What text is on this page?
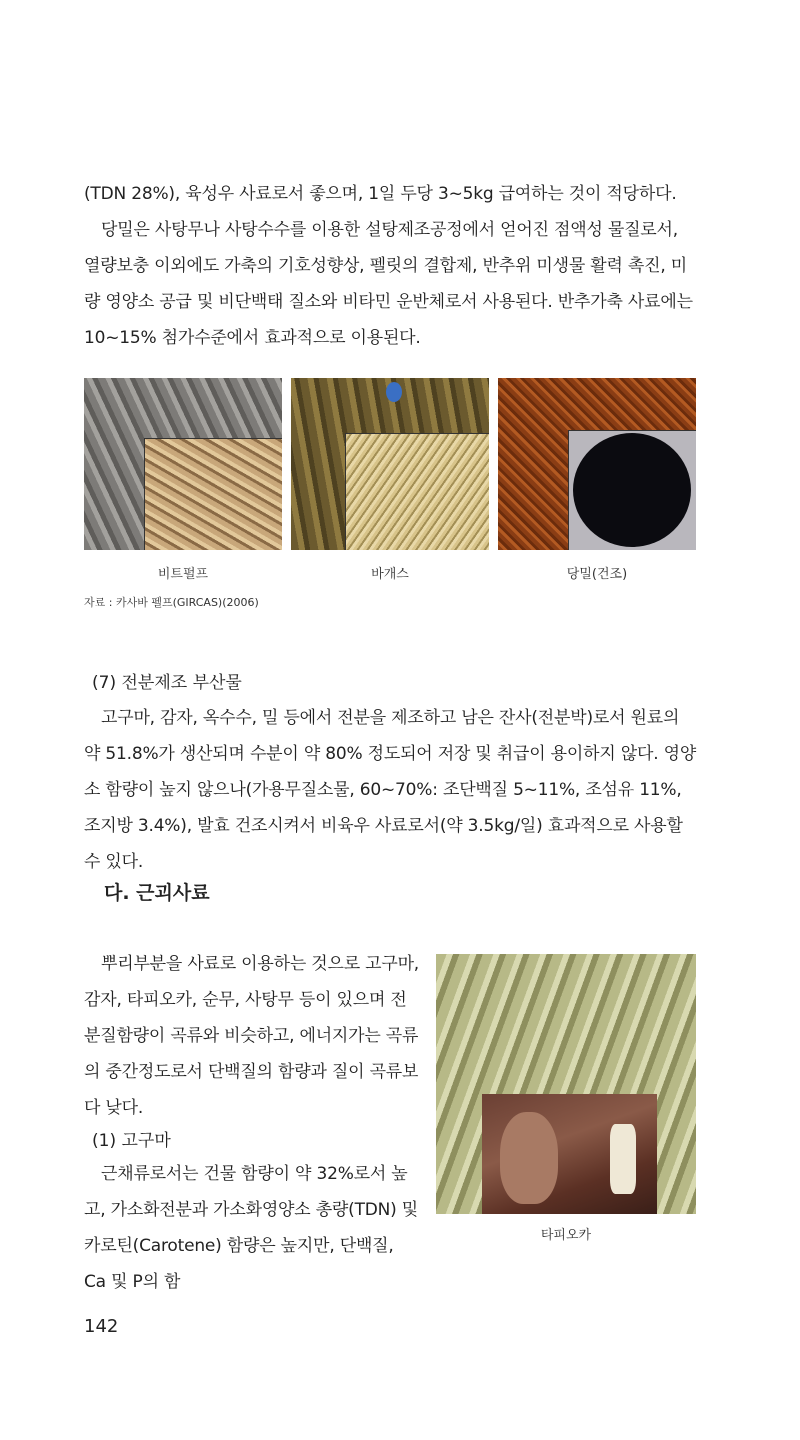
(TDN 28%), 육성우 사료로서 좋으며, 1일 두당 3~5kg 급여하는 것이 적당하다.

당밀은 사탕무나 사탕수수를 이용한 설탕제조공정에서 얻어진 점액성 물질로서, 열량보충 이외에도 가축의 기호성향상, 펠릿의 결합제, 반추위 미생물 활력 촉진, 미량 영양소 공급 및 비단백태 질소와 비타민 운반체로서 사용된다. 반추가축 사료에는 10~15% 첨가수준에서 효과적으로 이용된다.

비트펄프	바개스	당밀(건조)
자료 : 카사바 펠프(GIRCAS)(2006)
(7) 전분제조 부산물

고구마, 감자, 옥수수, 밀 등에서 전분을 제조하고 남은 잔사(전분박)로서 원료의 약 51.8%가 생산되며 수분이 약 80% 정도되어 저장 및 취급이 용이하지 않다. 영양소 함량이 높지 않으나(가용무질소물, 60~70%: 조단백질 5~11%, 조섬유 11%, 조지방 3.4%), 발효 건조시켜서 비육우 사료로서(약 3.5kg/일) 효과적으로 사용할 수 있다.

다. 근괴사료

뿌리부분을 사료로 이용하는 것으로 고구마, 감자, 타피오카, 순무, 사탕무 등이 있으며 전분질함량이 곡류와 비슷하고, 에너지가는 곡류의 중간정도로서 단백질의 함량과 질이 곡류보다 낮다.

(1) 고구마

근채류로서는 건물 함량이 약 32%로서 높고, 가소화전분과 가소화영양소 총량(TDN) 및 카로틴(Carotene) 함량은 높지만, 단백질, Ca 및 P의 함

타피오카
142
